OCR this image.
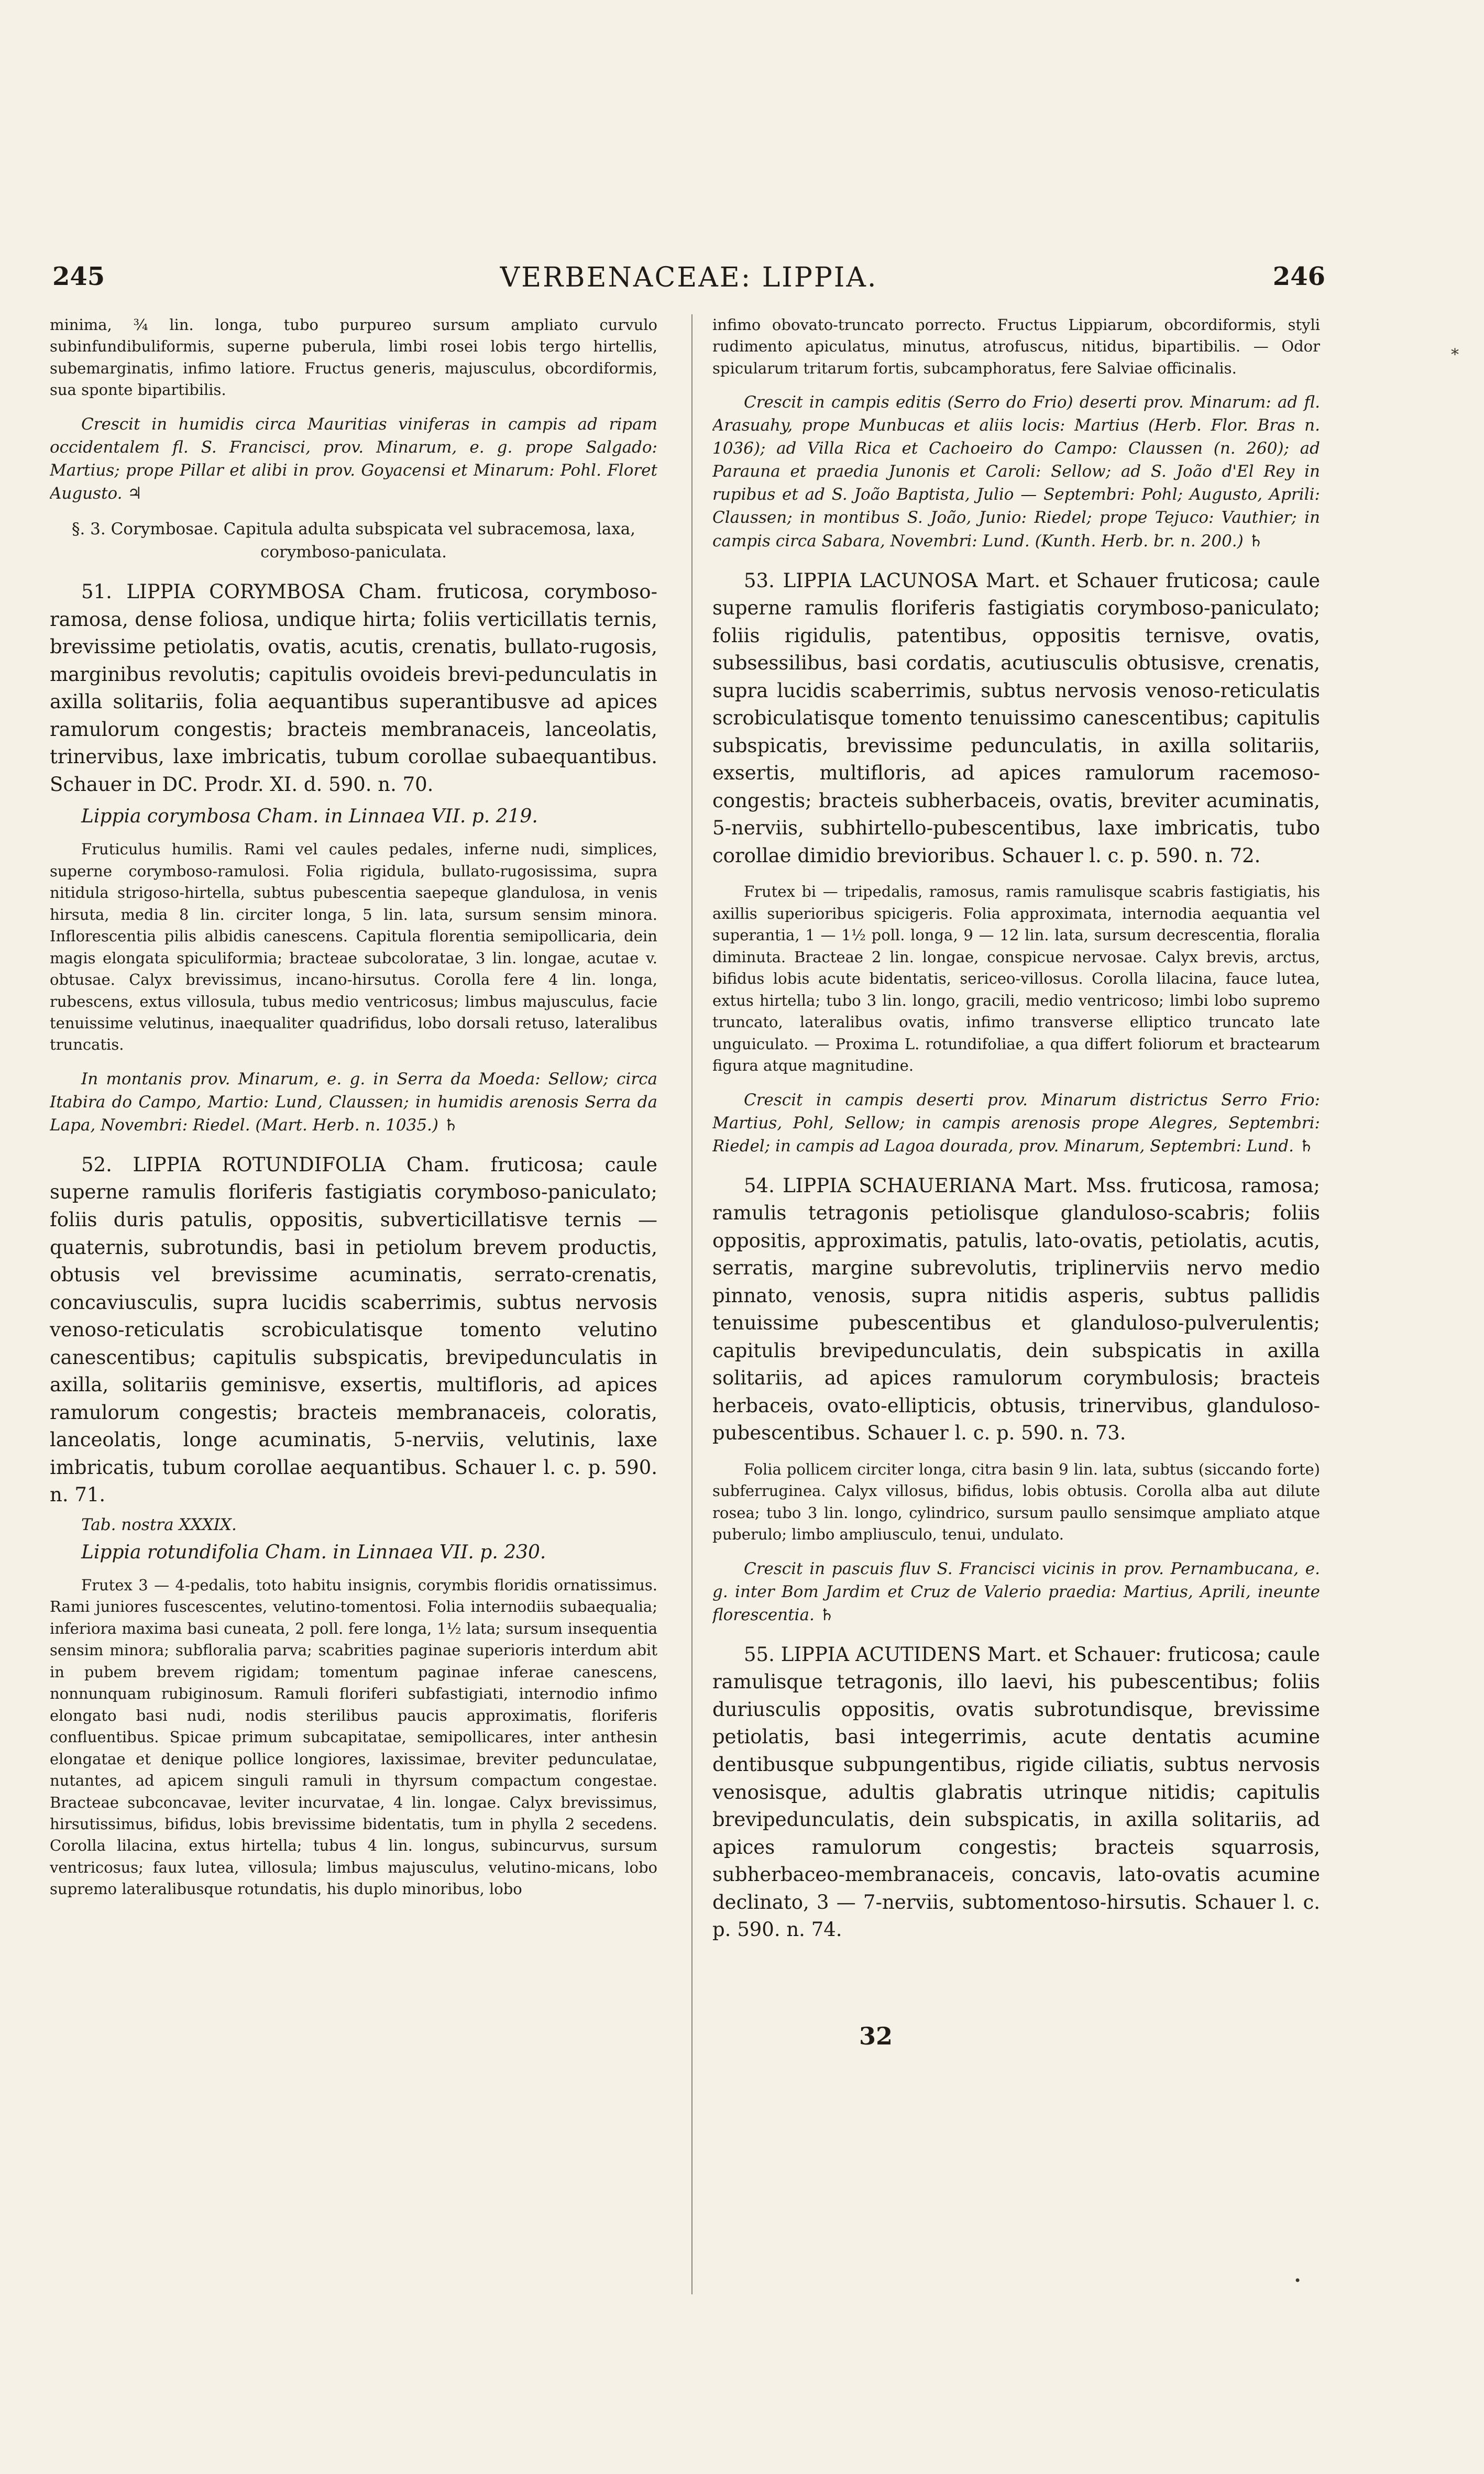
245	VERBENACEAE: LIPPIA.	246

minima, ¾ lin. longa, tubo purpureo sursum ampliato curvulo subinfundibuliformis, superne puberula, limbi rosei lobis tergo hirtellis, subemarginatis, infimo latiore. Fructus generis, majusculus, obcordiformis, sua sponte bipartibilis.

Crescit in humidis circa Mauritias viniferas in campis ad ripam occidentalem fl. S. Francisci, prov. Minarum, e. g. prope Salgado: Martius; prope Pillar et alibi in prov. Goyacensi et Minarum: Pohl. Floret Augusto. ♃

§. 3. Corymbosae. Capitula adulta subspicata vel subracemosa, laxa, corymboso-paniculata.

51. LIPPIA CORYMBOSA Cham. fruticosa, corymboso-ramosa, dense foliosa, undique hirta; foliis verticillatis ternis, brevissime petiolatis, ovatis, acutis, crenatis, bullato-rugosis, marginibus revolutis; capitulis ovoideis brevi-pedunculatis in axilla solitariis, folia aequantibus superantibusve ad apices ramulorum congestis; bracteis membranaceis, lanceolatis, trinervibus, laxe imbricatis, tubum corollae subaequantibus. Schauer in DC. Prodr. XI. d. 590. n. 70.

Lippia corymbosa Cham. in Linnaea VII. p. 219.

Fruticulus humilis. Rami vel caules pedales, inferne nudi, simplices, superne corymboso-ramulosi. Folia rigidula, bullato-rugosissima, supra nitidula strigoso-hirtella, subtus pubescentia saepeque glandulosa, in venis hirsuta, media 8 lin. circiter longa, 5 lin. lata, sursum sensim minora. Inflorescentia pilis albidis canescens. Capitula florentia semipollicaria, dein magis elongata spiculiformia; bracteae subcoloratae, 3 lin. longae, acutae v. obtusae. Calyx brevissimus, incano-hirsutus. Corolla fere 4 lin. longa, rubescens, extus villosula, tubus medio ventricosus; limbus majusculus, facie tenuissime velutinus, inaequaliter quadrifidus, lobo dorsali retuso, lateralibus truncatis.

In montanis prov. Minarum, e. g. in Serra da Moeda: Sellow; circa Itabira do Campo, Martio: Lund, Claussen; in humidis arenosis Serra da Lapa, Novembri: Riedel. (Mart. Herb. n. 1035.) ♄

52. LIPPIA ROTUNDIFOLIA Cham. fruticosa; caule superne ramulis floriferis fastigiatis corymboso-paniculato; foliis duris patulis, oppositis, subverticillatisve ternis — quaternis, subrotundis, basi in petiolum brevem productis, obtusis vel brevissime acuminatis, serrato-crenatis, concaviusculis, supra lucidis scaberrimis, subtus nervosis venoso-reticulatis scrobiculatisque tomento velutino canescentibus; capitulis subspicatis, brevipedunculatis in axilla, solitariis geminisve, exsertis, multifloris, ad apices ramulorum congestis; bracteis membranaceis, coloratis, lanceolatis, longe acuminatis, 5-nerviis, velutinis, laxe imbricatis, tubum corollae aequantibus. Schauer l. c. p. 590. n. 71.

Tab. nostra XXXIX.

Lippia rotundifolia Cham. in Linnaea VII. p. 230.

Frutex 3 — 4-pedalis, toto habitu insignis, corymbis floridis ornatissimus. Rami juniores fuscescentes, velutino-tomentosi. Folia internodiis subaequalia; inferiora maxima basi cuneata, 2 poll. fere longa, 1½ lata; sursum insequentia sensim minora; subfloralia parva; scabrities paginae superioris interdum abit in pubem brevem rigidam; tomentum paginae inferae canescens, nonnunquam rubiginosum. Ramuli floriferi subfastigiati, internodio infimo elongato basi nudi, nodis sterilibus paucis approximatis, floriferis confluentibus. Spicae primum subcapitatae, semipollicares, inter anthesin elongatae et denique pollice longiores, laxissimae, breviter pedunculatae, nutantes, ad apicem singuli ramuli in thyrsum compactum congestae. Bracteae subconcavae, leviter incurvatae, 4 lin. longae. Calyx brevissimus, hirsutissimus, bifidus, lobis brevissime bidentatis, tum in phylla 2 secedens. Corolla lilacina, extus hirtella; tubus 4 lin. longus, subincurvus, sursum ventricosus; faux lutea, villosula; limbus majusculus, velutino-micans, lobo supremo lateralibusque rotundatis, his duplo minoribus, lobo

infimo obovato-truncato porrecto. Fructus Lippiarum, obcordiformis, styli rudimento apiculatus, minutus, atrofuscus, nitidus, bipartibilis. — Odor spicularum tritarum fortis, subcamphoratus, fere Salviae officinalis.

Crescit in campis editis (Serro do Frio) deserti prov. Minarum: ad fl. Arasuahy, prope Munbucas et aliis locis: Martius (Herb. Flor. Bras n. 1036); ad Villa Rica et Cachoeiro do Campo: Claussen (n. 260); ad Parauna et praedia Junonis et Caroli: Sellow; ad S. João d'El Rey in rupibus et ad S. João Baptista, Julio — Septembri: Pohl; Augusto, Aprili: Claussen; in montibus S. João, Junio: Riedel; prope Tejuco: Vauthier; in campis circa Sabara, Novembri: Lund. (Kunth. Herb. br. n. 200.) ♄

53. LIPPIA LACUNOSA Mart. et Schauer fruticosa; caule superne ramulis floriferis fastigiatis corymboso-paniculato; foliis rigidulis, patentibus, oppositis ternisve, ovatis, subsessilibus, basi cordatis, acutiusculis obtusisve, crenatis, supra lucidis scaberrimis, subtus nervosis venoso-reticulatis scrobiculatisque tomento tenuissimo canescentibus; capitulis subspicatis, brevissime pedunculatis, in axilla solitariis, exsertis, multifloris, ad apices ramulorum racemoso-congestis; bracteis subherbaceis, ovatis, breviter acuminatis, 5-nerviis, subhirtello-pubescentibus, laxe imbricatis, tubo corollae dimidio brevioribus. Schauer l. c. p. 590. n. 72.

Frutex bi — tripedalis, ramosus, ramis ramulisque scabris fastigiatis, his axillis superioribus spicigeris. Folia approximata, internodia aequantia vel superantia, 1 — 1½ poll. longa, 9 — 12 lin. lata, sursum decrescentia, floralia diminuta. Bracteae 2 lin. longae, conspicue nervosae. Calyx brevis, arctus, bifidus lobis acute bidentatis, sericeo-villosus. Corolla lilacina, fauce lutea, extus hirtella; tubo 3 lin. longo, gracili, medio ventricoso; limbi lobo supremo truncato, lateralibus ovatis, infimo transverse elliptico truncato late unguiculato. — Proxima L. rotundifoliae, a qua differt foliorum et bractearum figura atque magnitudine.

Crescit in campis deserti prov. Minarum districtus Serro Frio: Martius, Pohl, Sellow; in campis arenosis prope Alegres, Septembri: Riedel; in campis ad Lagoa dourada, prov. Minarum, Septembri: Lund. ♄

54. LIPPIA SCHAUERIANA Mart. Mss. fruticosa, ramosa; ramulis tetragonis petiolisque glanduloso-scabris; foliis oppositis, approximatis, patulis, lato-ovatis, petiolatis, acutis, serratis, margine subrevolutis, triplinerviis nervo medio pinnato, venosis, supra nitidis asperis, subtus pallidis tenuissime pubescentibus et glanduloso-pulverulentis; capitulis brevipedunculatis, dein subspicatis in axilla solitariis, ad apices ramulorum corymbulosis; bracteis herbaceis, ovato-ellipticis, obtusis, trinervibus, glanduloso-pubescentibus. Schauer l. c. p. 590. n. 73.

Folia pollicem circiter longa, citra basin 9 lin. lata, subtus (siccando forte) subferruginea. Calyx villosus, bifidus, lobis obtusis. Corolla alba aut dilute rosea; tubo 3 lin. longo, cylindrico, sursum paullo sensimque ampliato atque puberulo; limbo ampliusculo, tenui, undulato.

Crescit in pascuis fluv S. Francisci vicinis in prov. Pernambucana, e. g. inter Bom Jardim et Cruz de Valerio praedia: Martius, Aprili, ineunte florescentia. ♄

55. LIPPIA ACUTIDENS Mart. et Schauer: fruticosa; caule ramulisque tetragonis, illo laevi, his pubescentibus; foliis duriusculis oppositis, ovatis subrotundisque, brevissime petiolatis, basi integerrimis, acute dentatis acumine dentibusque subpungentibus, rigide ciliatis, subtus nervosis venosisque, adultis glabratis utrinque nitidis; capitulis brevipedunculatis, dein subspicatis, in axilla solitariis, ad apices ramulorum congestis; bracteis squarrosis, subherbaceo-membranaceis, concavis, lato-ovatis acumine declinato, 3 — 7-nerviis, subtomentoso-hirsutis. Schauer l. c. p. 590. n. 74.

32
*
•
